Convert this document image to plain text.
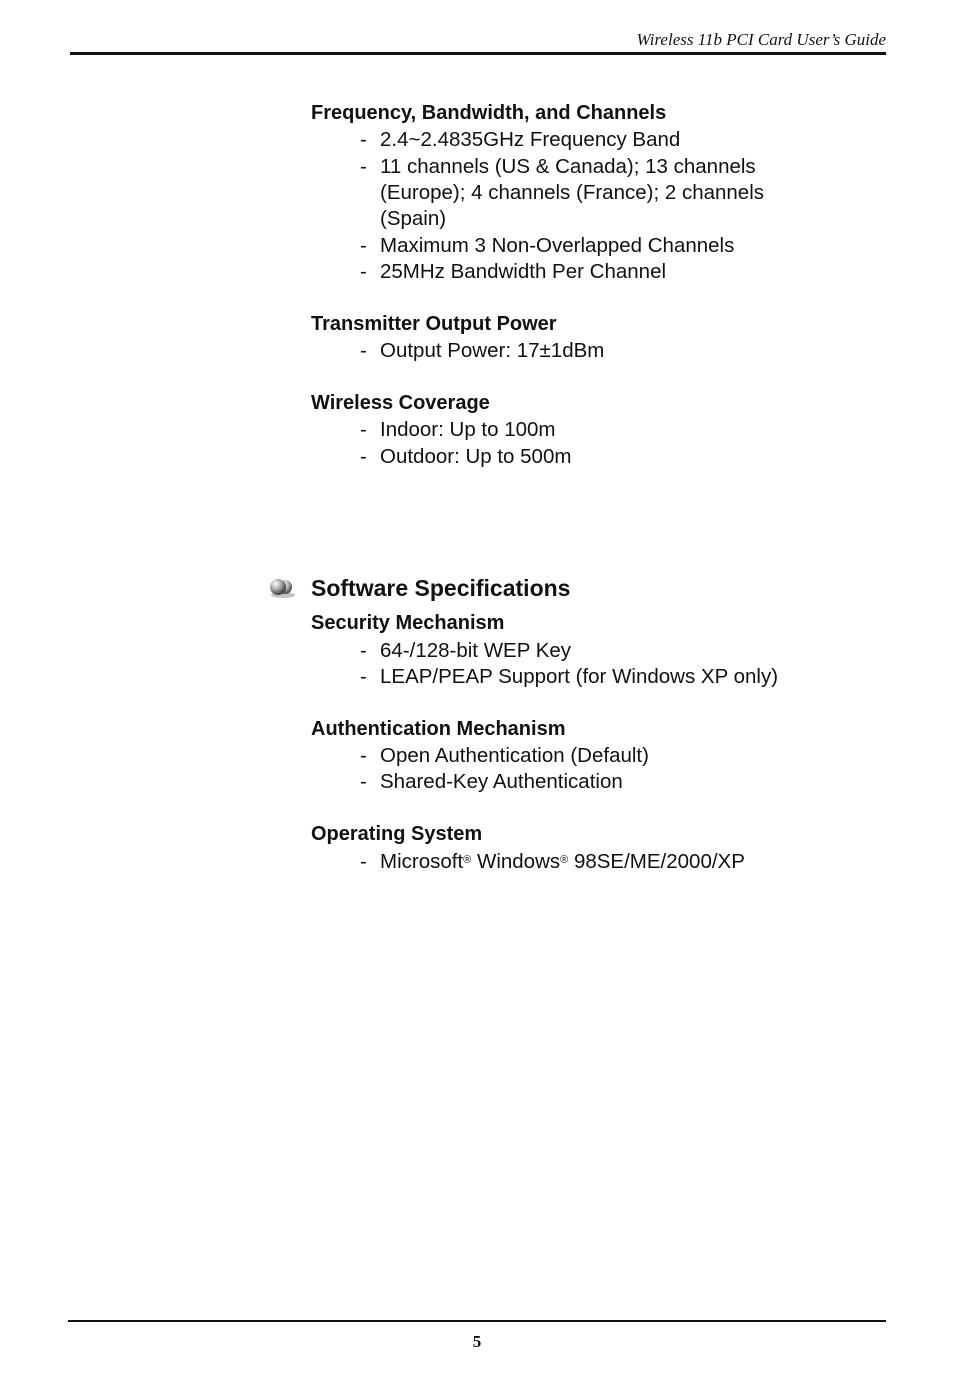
Wireless 11b PCI Card User’s Guide
Frequency, Bandwidth, and Channels
- 2.4~2.4835GHz Frequency Band
- 11 channels (US & Canada); 13 channels
(Europe); 4 channels (France); 2 channels
(Spain)
- Maximum 3 Non-Overlapped Channels
- 25MHz Bandwidth Per Channel
Transmitter Output Power
- Output Power: 17±1dBm
Wireless Coverage
- Indoor: Up to 100m
- Outdoor: Up to 500m
Software Specifications
Security Mechanism
- 64-/128-bit WEP Key
- LEAP/PEAP Support (for Windows XP only)
Authentication Mechanism
- Open Authentication (Default)
- Shared-Key Authentication
Operating System
- Microsoft® Windows® 98SE/ME/2000/XP
5
